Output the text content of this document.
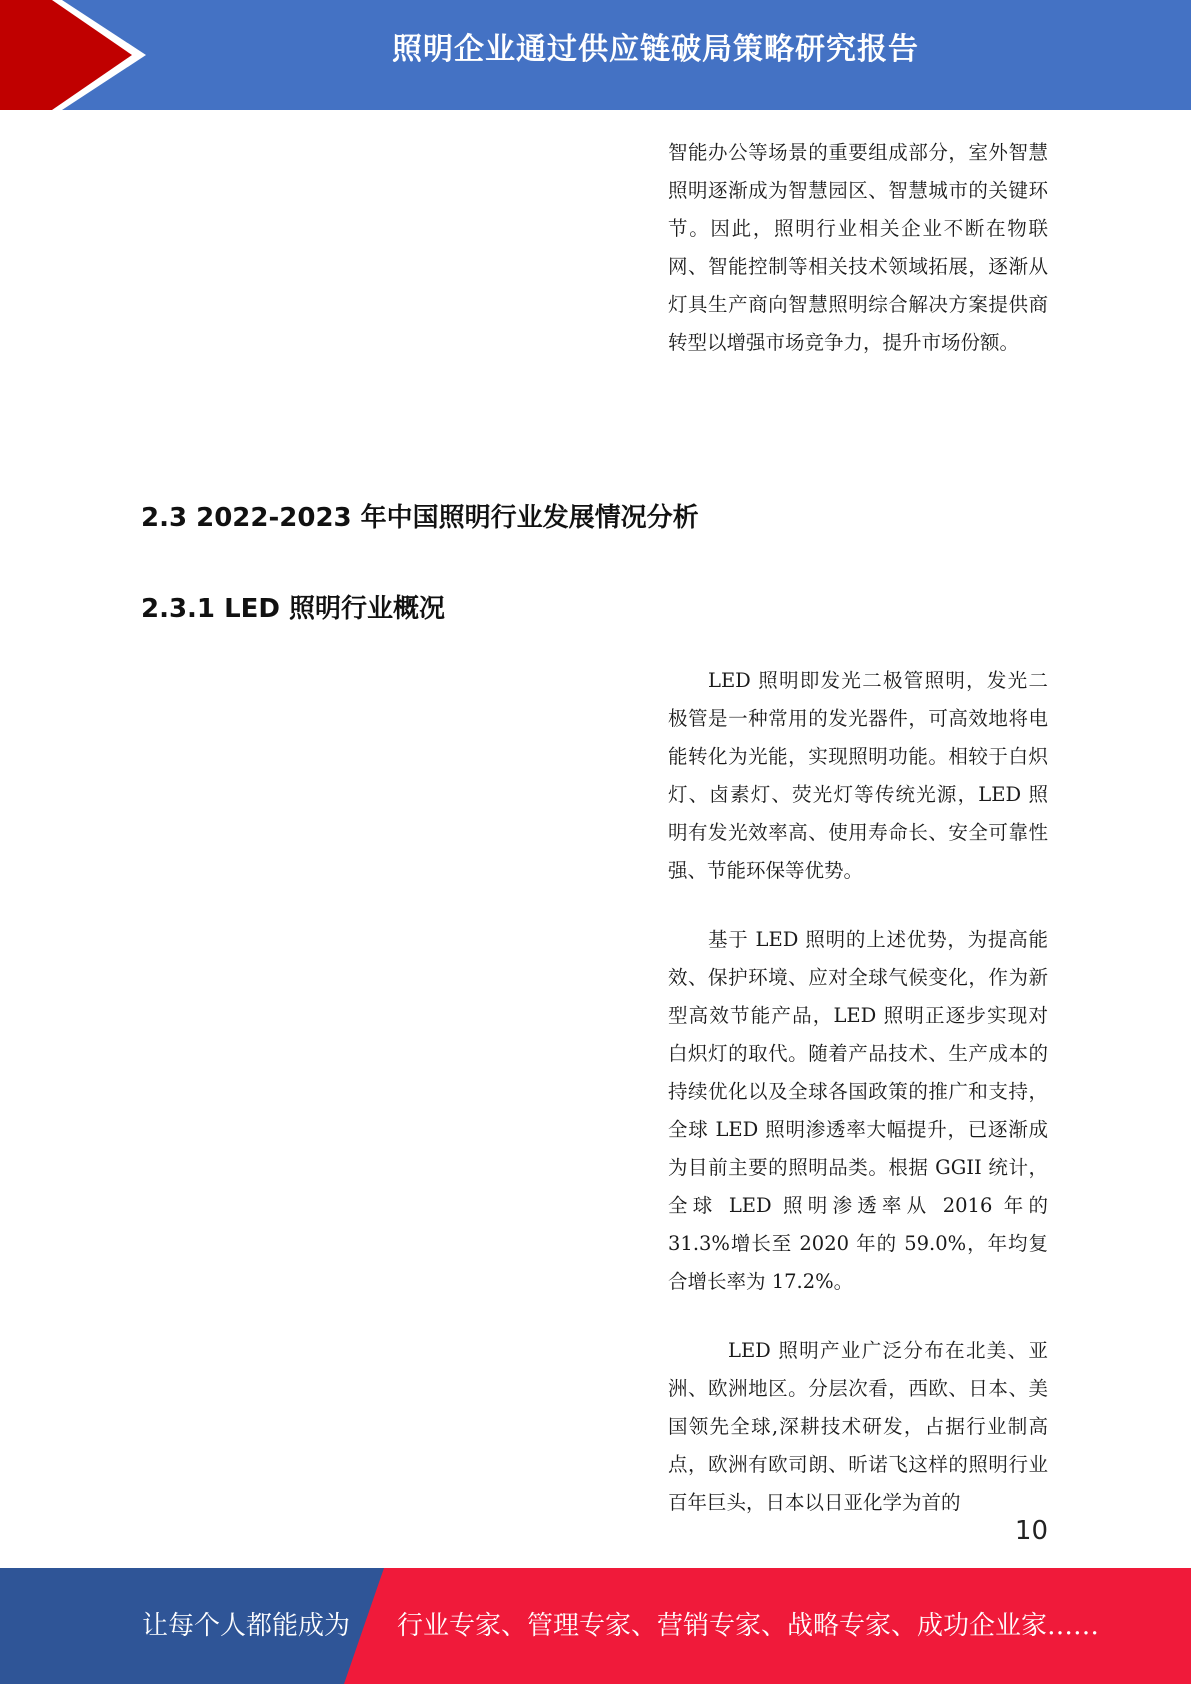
照明企业通过供应链破局策略研究报告

智能办公等场景的重要组成部分，室外智慧照明逐渐成为智慧园区、智慧城市的关键环节。因此，照明行业相关企业不断在物联网、智能控制等相关技术领域拓展，逐渐从灯具生产商向智慧照明综合解决方案提供商转型以增强市场竞争力，提升市场份额。

2.3 2022-2023 年中国照明行业发展情况分析
2.3.1 LED 照明行业概况

LED 照明即发光二极管照明，发光二极管是一种常用的发光器件，可高效地将电能转化为光能，实现照明功能。相较于白炽灯、卤素灯、荧光灯等传统光源，LED 照明有发光效率高、使用寿命长、安全可靠性强、节能环保等优势。

基于 LED 照明的上述优势，为提高能效、保护环境、应对全球气候变化，作为新型高效节能产品，LED 照明正逐步实现对白炽灯的取代。随着产品技术、生产成本的持续优化以及全球各国政策的推广和支持，全球 LED 照明渗透率大幅提升，已逐渐成为目前主要的照明品类。根据 GGII 统计，全球 LED 照明渗透率从 2016 年的 31.3%增长至 2020 年的 59.0%，年均复合增长率为 17.2%。

LED 照明产业广泛分布在北美、亚洲、欧洲地区。分层次看，西欧、日本、美国领先全球,深耕技术研发，占据行业制高点，欧洲有欧司朗、昕诺飞这样的照明行业百年巨头，日本以日亚化学为首的

10
让每个人都能成为 行业专家、管理专家、营销专家、战略专家、成功企业家……
